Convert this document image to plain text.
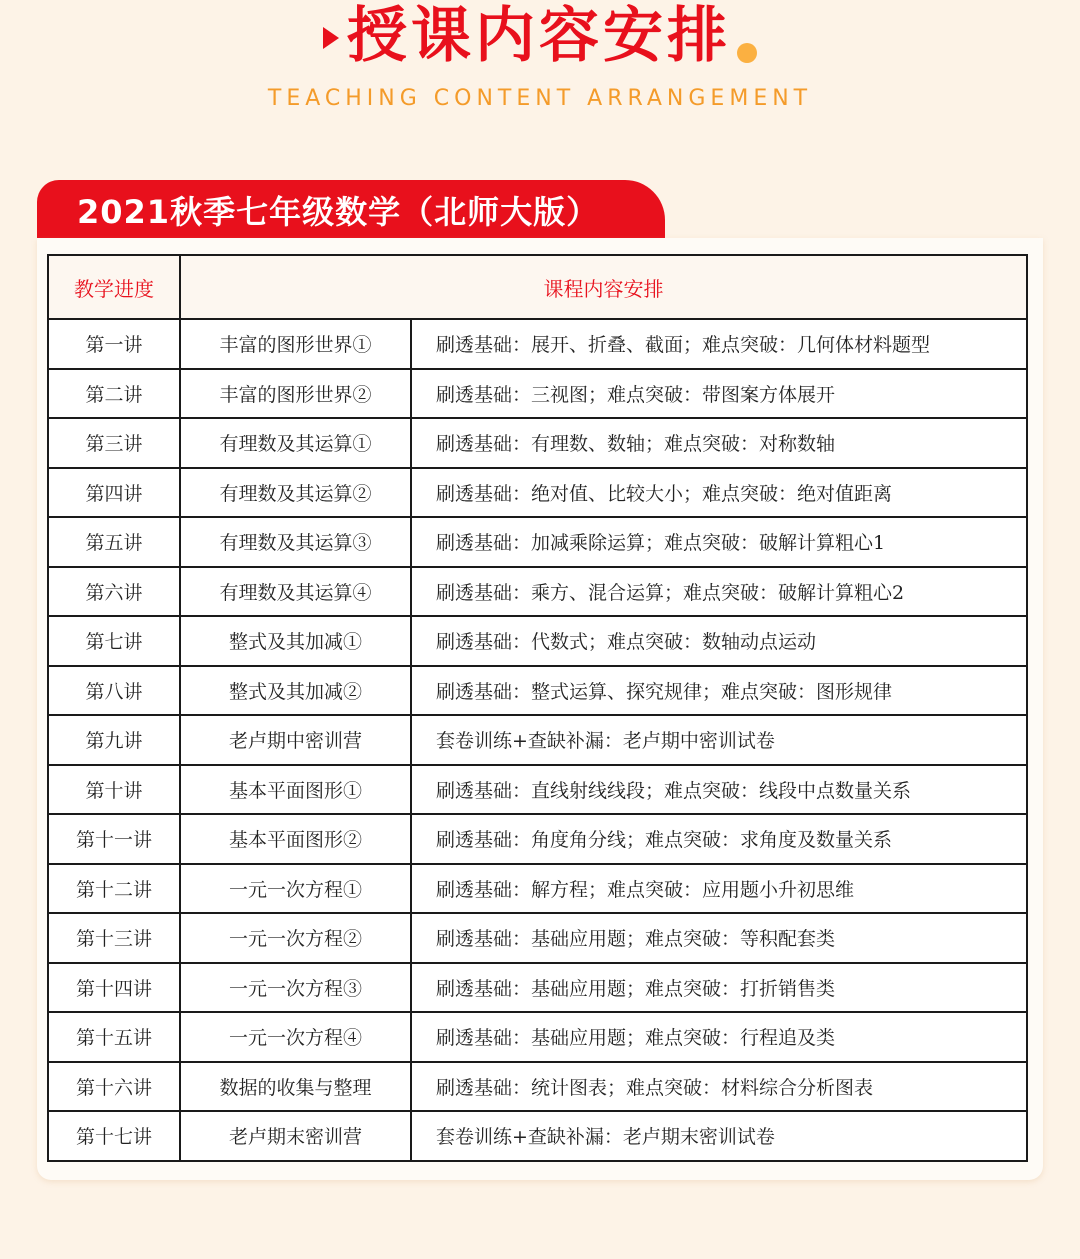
授课内容安排
TEACHING CONTENT ARRANGEMENT
2021秋季七年级数学（北师大版）
教学进度	课程内容安排	
第一讲	丰富的图形世界①	刷透基础：展开、折叠、截面；难点突破：几何体材料题型
第二讲	丰富的图形世界②	刷透基础：三视图；难点突破：带图案方体展开
第三讲	有理数及其运算①	刷透基础：有理数、数轴；难点突破：对称数轴
第四讲	有理数及其运算②	刷透基础：绝对值、比较大小；难点突破：绝对值距离
第五讲	有理数及其运算③	刷透基础：加减乘除运算；难点突破：破解计算粗心1
第六讲	有理数及其运算④	刷透基础：乘方、混合运算；难点突破：破解计算粗心2
第七讲	整式及其加减①	刷透基础：代数式；难点突破：数轴动点运动
第八讲	整式及其加减②	刷透基础：整式运算、探究规律；难点突破：图形规律
第九讲	老卢期中密训营	套卷训练+查缺补漏：老卢期中密训试卷
第十讲	基本平面图形①	刷透基础：直线射线线段；难点突破：线段中点数量关系
第十一讲	基本平面图形②	刷透基础：角度角分线；难点突破：求角度及数量关系
第十二讲	一元一次方程①	刷透基础：解方程；难点突破：应用题小升初思维
第十三讲	一元一次方程②	刷透基础：基础应用题；难点突破：等积配套类
第十四讲	一元一次方程③	刷透基础：基础应用题；难点突破：打折销售类
第十五讲	一元一次方程④	刷透基础：基础应用题；难点突破：行程追及类
第十六讲	数据的收集与整理	刷透基础：统计图表；难点突破：材料综合分析图表
第十七讲	老卢期末密训营	套卷训练+查缺补漏：老卢期末密训试卷
